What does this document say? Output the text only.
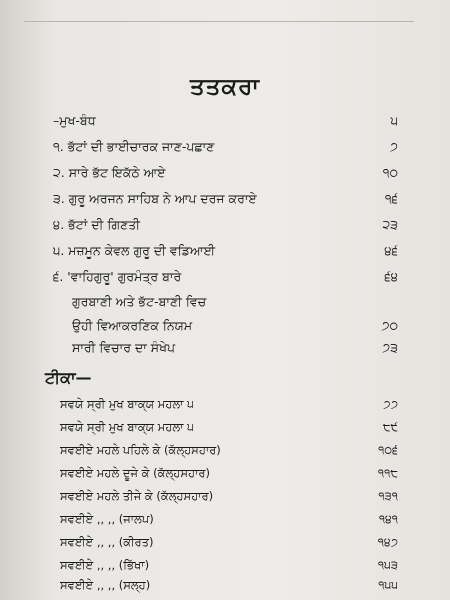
ਤਤਕਰਾ
–ਮੁਖ-ਬੰਧ	੫
੧. ਭੱਟਾਂ ਦੀ ਭਾਈਚਾਰਕ ਜਾਣ-ਪਛਾਣ	੭
੨. ਸਾਰੇ ਭੱਟ ਇਕੱਠੇ ਆਏ	੧੦
੩. ਗੁਰੂ ਅਰਜਨ ਸਾਹਿਬ ਨੇ ਆਪ ਦਰਜ ਕਰਾਏ	੧੬
੪. ਭੱਟਾਂ ਦੀ ਗਿਣਤੀ	੨੩
੫. ਮਜ਼ਮੂਨ ਕੇਵਲ ਗੁਰੂ ਦੀ ਵਡਿਆਈ	੪੬
੬. 'ਵਾਹਿਗੁਰੂ' ਗੁਰਮੰਤ੍ਰ ਬਾਰੇ	੬੪
ਗੁਰਬਾਣੀ ਅਤੇ ਭੱਟ-ਬਾਣੀ ਵਿਚ
ਉਹੀ ਵਿਆਕਰਣਿਕ ਨਿਯਮ	੭੦
ਸਾਰੀ ਵਿਚਾਰ ਦਾ ਸੰਖੇਪ	੭੩
ਟੀਕਾ—
ਸਵਯੇ ਸ੍ਰੀ ਮੁਖ ਬਾਕ੍ਯ ਮਹਲਾ ੫	੭੭
ਸਵਯੇ ਸ੍ਰੀ ਮੁਖ ਬਾਕ੍ਯ ਮਹਲਾ ੫	੮੯
ਸਵਈਏ ਮਹਲੇ ਪਹਿਲੇ ਕੇ (ਕੱਲ੍ਹਸਹਾਰ)	੧੦੬
ਸਵਈਏ ਮਹਲੇ ਦੂਜੇ ਕੇ (ਕੱਲ੍ਹਸਹਾਰ)	੧੧੮
ਸਵਈਏ ਮਹਲੇ ਤੀਜੇ ਕੇ (ਕੱਲ੍ਹਸਹਾਰ)	੧੩੧
ਸਵਈਏ ,, ,, (ਜਾਲਪ)	੧੪੧
ਸਵਈਏ ,, ,, (ਕੀਰਤ)	੧੪੭
ਸਵਈਏ ,, ,, (ਭਿੱਖਾ)	੧੫੩
ਸਵਈਏ ,, ,, (ਸਲ੍ਹ)	੧੫੫
